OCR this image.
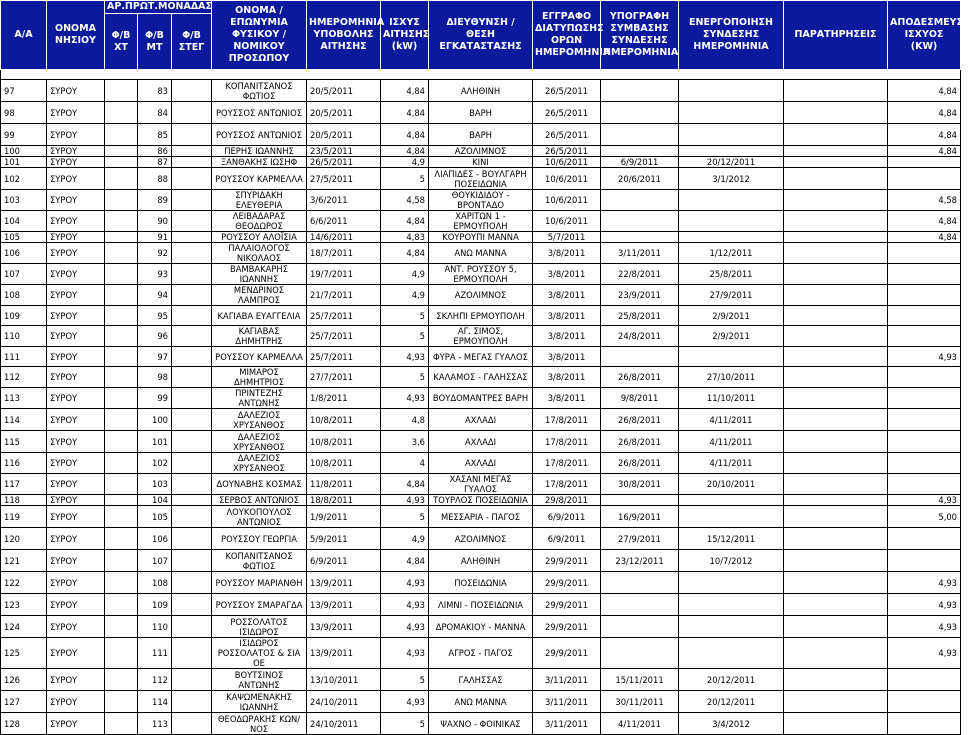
Α/Α	ΟΝΟΜΑ ΝΗΣΙΟΥ	ΑΡ.ΠΡΩΤ.ΜΟΝΑΔΑΣ			ΟΝΟΜΑ / ΕΠΩΝΥΜΙΑ ΦΥΣΙΚΟΥ / ΝΟΜΙΚΟΥ ΠΡΟΣΩΠΟΥ	ΗΜΕΡΟΜΗΝΙΑ ΥΠΟΒΟΛΗΣ ΑΙΤΗΣΗΣ	ΙΣΧΥΣ ΑΙΤΗΣΗΣ (kW)	ΔΙΕΥΘΥΝΣΗ / ΘΕΣΗ ΕΓΚΑΤΑΣΤΑΣΗΣ	ΕΓΓΡΑΦΟ ΔΙΑΤΥΠΩΣΗΣ ΟΡΩΝ ΗΜΕΡΟΜΗΝΙΑ	ΥΠΟΓΡΑΦΗ ΣΥΜΒΑΣΗΣ ΣΥΝΔΕΣΗΣ ΗΜΕΡΟΜΗΝΙΑ	ΕΝΕΡΓΟΠΟΙΗΣΗ ΣΥΝΔΕΣΗΣ ΗΜΕΡΟΜΗΝΙΑ	ΠΑΡΑΤΗΡΗΣΕΙΣ	ΑΠΟΔΕΣΜΕΥΣΗ ΙΣΧΥΟΣ (KW)
		Φ/Β ΧΤ	Φ/Β ΜΤ	Φ/Β ΣΤΕΓ									

97	ΣΥΡΟΥ		83		ΚΟΠΑΝΙΤΣΑΝΟΣ ΦΩΤΙΟΣ	20/5/2011	4,84	ΑΛΗΘΙΝΗ	26/5/2011				4,84
98	ΣΥΡΟΥ		84		ΡΟΥΣΣΟΣ ΑΝΤΩΝΙΟΣ	20/5/2011	4,84	ΒΑΡΗ	26/5/2011				4,84
99	ΣΥΡΟΥ		85		ΡΟΥΣΣΟΣ ΑΝΤΩΝΙΟΣ	20/5/2011	4,84	ΒΑΡΗ	26/5/2011				4,84
100	ΣΥΡΟΥ		86		ΠΕΡΗΣ ΙΩΑΝΝΗΣ	23/5/2011	4,84	ΑΖΟΛΙΜΝΟΣ	26/5/2011				4,84
101	ΣΥΡΟΥ		87		ΞΑΝΘΑΚΗΣ ΙΩΣΗΦ	26/5/2011	4,9	ΚΙΝΙ	10/6/2011	6/9/2011	20/12/2011		
102	ΣΥΡΟΥ		88		ΡΟΥΣΣΟΥ ΚΑΡΜΕΛΛΑ	27/5/2011	5	ΛΙΑΠΙΔΕΣ - ΒΟΥΛΓΑΡΗ ΠΟΣΕΙΔΩΝΙΑ	10/6/2011	20/6/2011	3/1/2012		
103	ΣΥΡΟΥ		89		ΣΠΥΡΙΔΑΚΗ ΕΛΕΥΘΕΡΙΑ	3/6/2011	4,58	ΘΟΥΚΙΔΙΔΟΥ - ΒΡΟΝΤΑΔΟ	10/6/2011				4,58
104	ΣΥΡΟΥ		90		ΛΕΙΒΑΔΑΡΑΣ ΘΕΟΔΩΡΟΣ	6/6/2011	4,84	ΧΑΡΙΤΩΝ 1 - ΕΡΜΟΥΠΟΛΗ	10/6/2011				4,84
105	ΣΥΡΟΥ		91		ΡΟΥΣΣΟΥ ΑΛΟΪΣΙΑ	14/6/2011	4,83	ΚΟΥΡΟΥΠΙ ΜΑΝΝΑ	5/7/2011				4,84
106	ΣΥΡΟΥ		92		ΠΑΛΑΙΟΛΟΓΟΣ ΝΙΚΟΛΑΟΣ	18/7/2011	4,84	ΑΝΩ ΜΑΝΝΑ	3/8/2011	3/11/2011	1/12/2011		
107	ΣΥΡΟΥ		93		ΒΑΜΒΑΚΑΡΗΣ ΙΩΑΝΝΗΣ	19/7/2011	4,9	ΑΝΤ. ΡΟΥΣΣΟΥ 5, ΕΡΜΟΥΠΟΛΗ	3/8/2011	22/8/2011	25/8/2011		
108	ΣΥΡΟΥ		94		ΜΕΝΔΡΙΝΟΣ ΛΑΜΠΡΟΣ	21/7/2011	4,9	ΑΖΟΛΙΜΝΟΣ	3/8/2011	23/9/2011	27/9/2011		
109	ΣΥΡΟΥ		95		ΚΑΓΙΑΒΑ ΕΥΑΓΓΕΛΙΑ	25/7/2011	5	ΣΚΛΗΠΙ ΕΡΜΟΥΠΟΛΗ	3/8/2011	25/8/2011	2/9/2011		
110	ΣΥΡΟΥ		96		ΚΑΓΙΑΒΑΣ ΔΗΜΗΤΡΗΣ	25/7/2011	5	ΑΓ. ΣΙΜΟΣ, ΕΡΜΟΥΠΟΛΗ	3/8/2011	24/8/2011	2/9/2011		
111	ΣΥΡΟΥ		97		ΡΟΥΣΣΟΥ ΚΑΡΜΕΛΛΑ	25/7/2011	4,93	ΦΥΡΑ - ΜΕΓΑΣ ΓΥΑΛΟΣ	3/8/2011				4,93
112	ΣΥΡΟΥ		98		ΜΙΜΑΡΟΣ ΔΗΜΗΤΡΙΟΣ	27/7/2011	5	ΚΑΛΑΜΟΣ - ΓΑΛΗΣΣΑΣ	3/8/2011	26/8/2011	27/10/2011		
113	ΣΥΡΟΥ		99		ΠΡΙΝΤΕΖΗΣ ΑΝΤΩΝΗΣ	1/8/2011	4,93	ΒΟΥΔΟΜΑΝΤΡΕΣ ΒΑΡΗ	3/8/2011	9/8/2011	11/10/2011		
114	ΣΥΡΟΥ		100		ΔΑΛΕΖΙΟΣ ΧΡΥΣΑΝΘΟΣ	10/8/2011	4,8	ΑΧΛΑΔΙ	17/8/2011	26/8/2011	4/11/2011		
115	ΣΥΡΟΥ		101		ΔΑΛΕΖΙΟΣ ΧΡΥΣΑΝΘΟΣ	10/8/2011	3,6	ΑΧΛΑΔΙ	17/8/2011	26/8/2011	4/11/2011		
116	ΣΥΡΟΥ		102		ΔΑΛΕΖΙΟΣ ΧΡΥΣΑΝΘΟΣ	10/8/2011	4	ΑΧΛΑΔΙ	17/8/2011	26/8/2011	4/11/2011		
117	ΣΥΡΟΥ		103		ΔΟΥΝΑΒΗΣ ΚΟΣΜΑΣ	11/8/2011	4,84	ΧΑΣΑΝΙ ΜΕΓΑΣ ΓΥΑΛΟΣ	17/8/2011	30/8/2011	20/10/2011		
118	ΣΥΡΟΥ		104		ΣΕΡΒΟΣ ΑΝΤΩΝΙΟΣ	18/8/2011	4,93	ΤΟΥΡΛΟΣ ΠΟΣΕΙΔΩΝΙΑ	29/8/2011				4,93
119	ΣΥΡΟΥ		105		ΛΟΥΚΟΠΟΥΛΟΣ ΑΝΤΩΝΙΟΣ	1/9/2011	5	ΜΕΣΣΑΡΙΑ - ΠΑΓΟΣ	6/9/2011	16/9/2011			5,00
120	ΣΥΡΟΥ		106		ΡΟΥΣΣΟΥ ΓΕΩΡΓΙΑ	5/9/2011	4,9	ΑΖΟΛΙΜΝΟΣ	6/9/2011	27/9/2011	15/12/2011		
121	ΣΥΡΟΥ		107		ΚΟΠΑΝΙΤΣΑΝΟΣ ΦΩΤΙΟΣ	6/9/2011	4,84	ΑΛΗΘΙΝΗ	29/9/2011	23/12/2011	10/7/2012		
122	ΣΥΡΟΥ		108		ΡΟΥΣΣΟΥ ΜΑΡΙΑΝΘΗ	13/9/2011	4,93	ΠΟΣΕΙΔΩΝΙΑ	29/9/2011				4,93
123	ΣΥΡΟΥ		109		ΡΟΥΣΣΟΥ ΣΜΑΡΑΓΔΑ	13/9/2011	4,93	ΛΙΜΝΙ - ΠΟΣΕΙΔΩΝΙΑ	29/9/2011				4,93
124	ΣΥΡΟΥ		110		ΡΟΣΣΟΛΑΤΟΣ ΙΣΙΔΩΡΟΣ	13/9/2011	4,93	ΔΡΟΜΑΚΙΟΥ - ΜΑΝΝΑ	29/9/2011				4,93
125	ΣΥΡΟΥ		111		ΙΣΙΔΩΡΟΣ ΡΟΣΣΟΛΑΤΟΣ & ΣΙΑ ΟΕ	13/9/2011	4,93	ΑΓΡΟΣ - ΠΑΓΟΣ	29/9/2011				4,93
126	ΣΥΡΟΥ		112		ΒΟΥΤΣΙΝΟΣ ΑΝΤΩΝΗΣ	13/10/2011	5	ΓΑΛΗΣΣΑΣ	3/11/2011	15/11/2011	20/12/2011		
127	ΣΥΡΟΥ		114		ΚΑΨΩΜΕΝΑΚΗΣ ΙΩΑΝΝΗΣ	24/10/2011	4,93	ΑΝΩ ΜΑΝΝΑ	3/11/2011	30/11/2011	20/12/2011		
128	ΣΥΡΟΥ		113		ΘΕΟΔΩΡΑΚΗΣ ΚΩΝ/ΝΟΣ	24/10/2011	5	ΨΑΧΝΟ - ΦΟΙΝΙΚΑΣ	3/11/2011	4/11/2011	3/4/2012		
